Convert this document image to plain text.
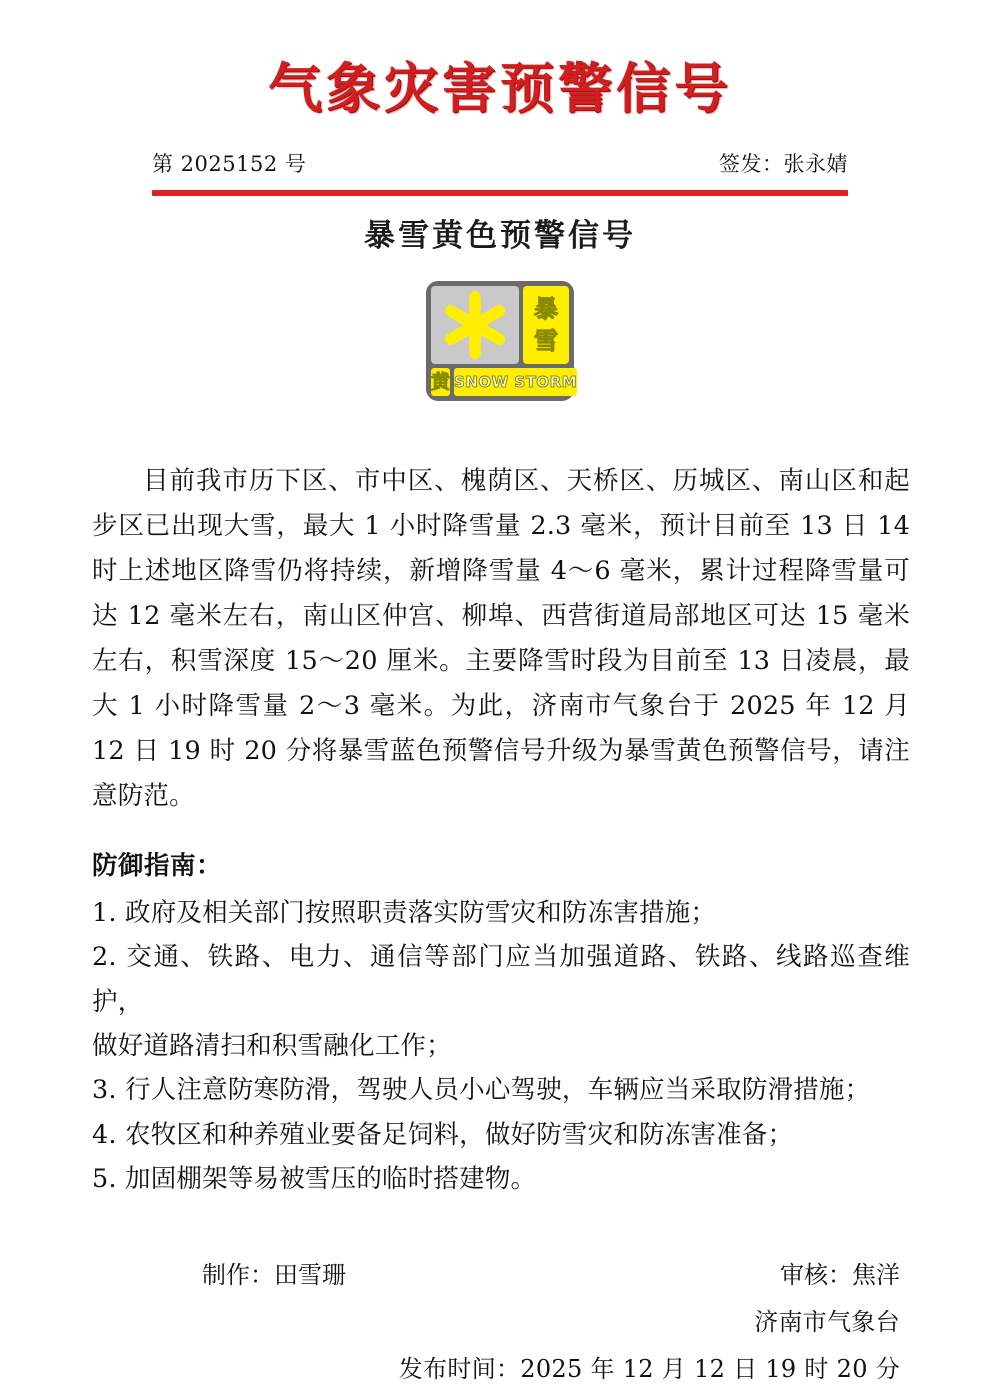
气象灾害预警信号
第 2025152 号	签发：张永婧
暴雪黄色预警信号
暴
雪
黄 SNOW STORM

目前我市历下区、市中区、槐荫区、天桥区、历城区、南山区和起步区已出现大雪，最大 1 小时降雪量 2.3 毫米，预计目前至 13 日 14 时上述地区降雪仍将持续，新增降雪量 4～6 毫米，累计过程降雪量可达 12 毫米左右，南山区仲宫、柳埠、西营街道局部地区可达 15 毫米左右，积雪深度 15～20 厘米。主要降雪时段为目前至 13 日凌晨，最大 1 小时降雪量 2～3 毫米。为此，济南市气象台于 2025 年 12 月 12 日 19 时 20 分将暴雪蓝色预警信号升级为暴雪黄色预警信号，请注意防范。

防御指南：
1. 政府及相关部门按照职责落实防雪灾和防冻害措施；
2. 交通、铁路、电力、通信等部门应当加强道路、铁路、线路巡查维护，
做好道路清扫和积雪融化工作；
3. 行人注意防寒防滑，驾驶人员小心驾驶，车辆应当采取防滑措施；
4. 农牧区和种养殖业要备足饲料，做好防雪灾和防冻害准备；
5. 加固棚架等易被雪压的临时搭建物。
制作：田雪珊	审核：焦洋
济南市气象台
发布时间：2025 年 12 月 12 日 19 时 20 分
